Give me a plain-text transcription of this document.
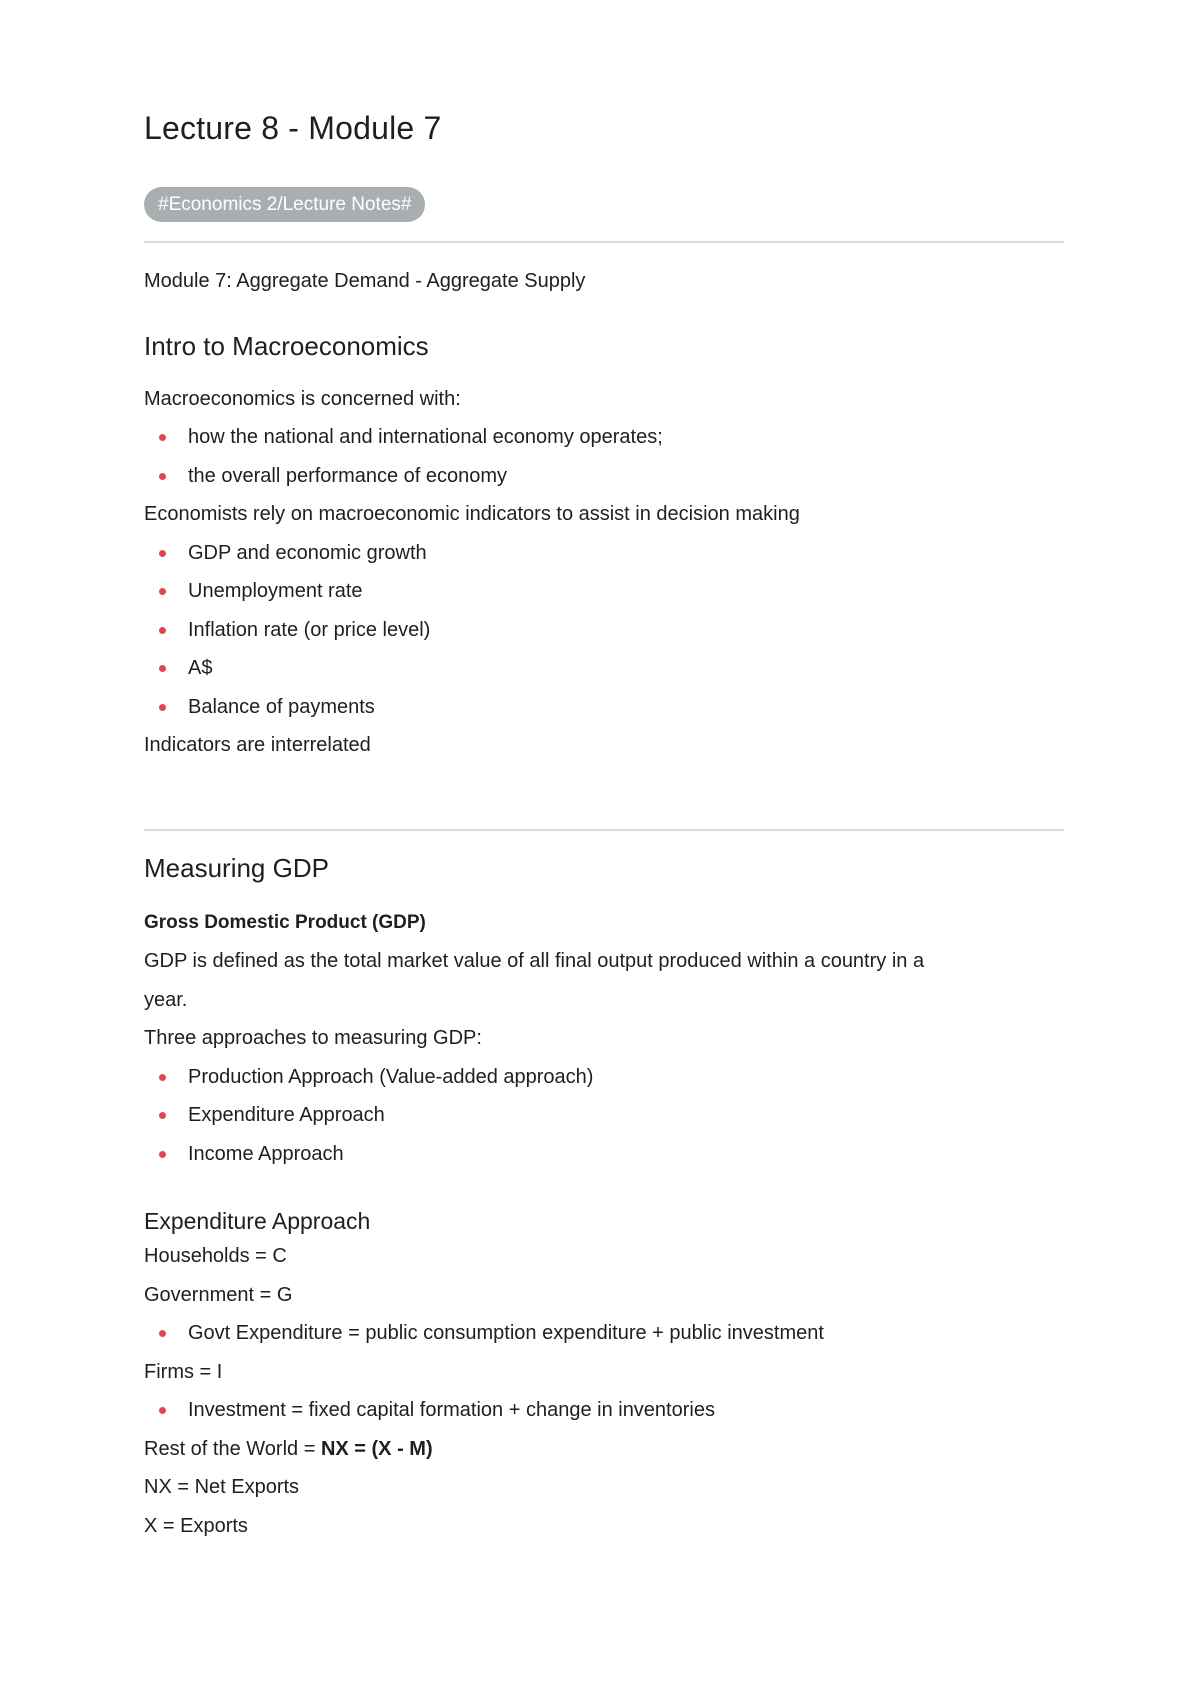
Lecture 8 - Module 7
#Economics 2/Lecture Notes#

Module 7: Aggregate Demand - Aggregate Supply

Intro to Macroeconomics

Macroeconomics is concerned with:

how the national and international economy operates;
the overall performance of economy

Economists rely on macroeconomic indicators to assist in decision making

GDP and economic growth
Unemployment rate
Inflation rate (or price level)
A$
Balance of payments

Indicators are interrelated

Measuring GDP

Gross Domestic Product (GDP)

GDP is defined as the total market value of all final output produced within a country in a

year.

Three approaches to measuring GDP:

Production Approach (Value-added approach)
Expenditure Approach
Income Approach
Expenditure Approach

Households = C

Government = G

Govt Expenditure = public consumption expenditure + public investment

Firms = I

Investment = fixed capital formation + change in inventories

Rest of the World = NX = (X - M)

NX = Net Exports

X = Exports
